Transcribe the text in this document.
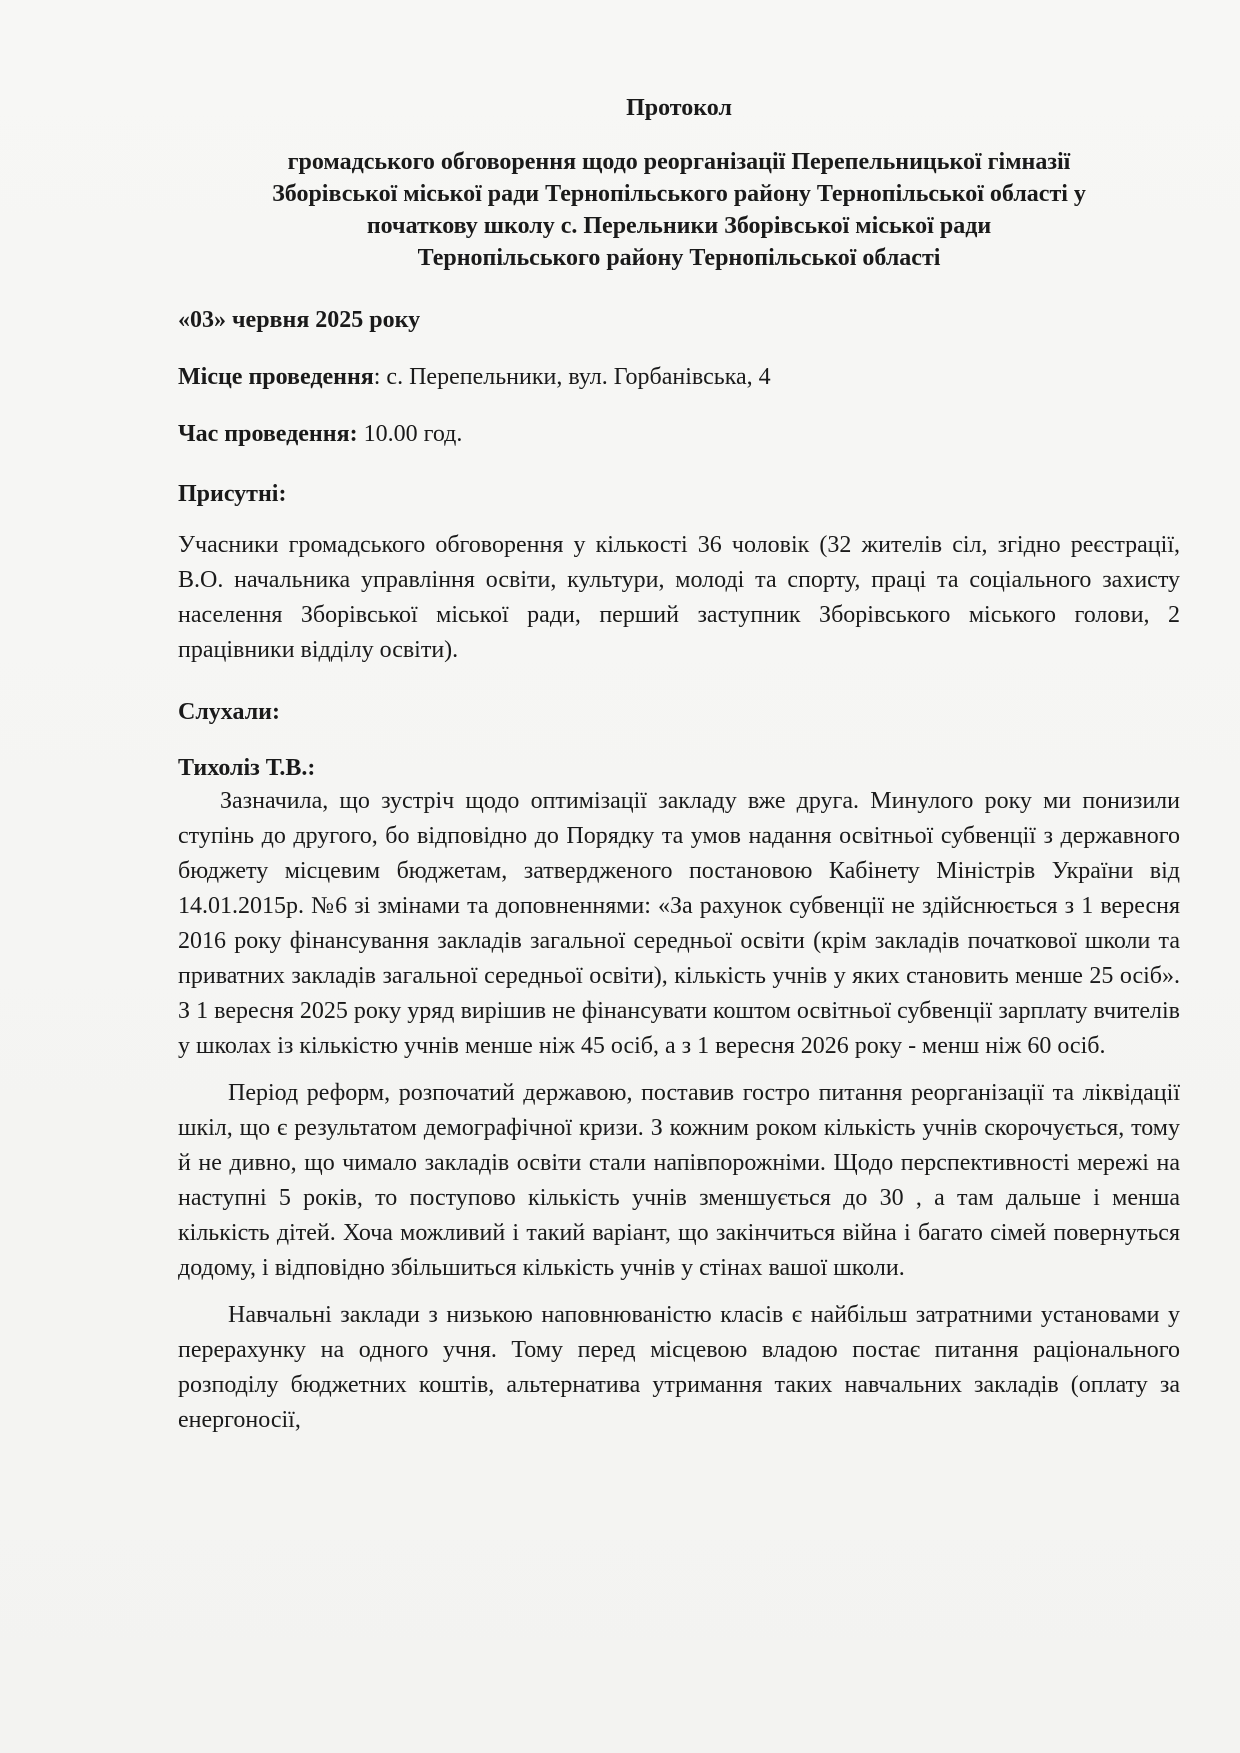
Протокол
громадського обговорення щодо реорганізації Перепельницької гімназії
Зборівської міської ради Тернопільського району Тернопільської області у
початкову школу с. Перельники Зборівської міської ради
Тернопільського району Тернопільської області
«03» червня 2025 року
Місце проведення: с. Перепельники, вул. Горбанівська, 4
Час проведення: 10.00 год.
Присутні:

Учасники громадського обговорення у кількості 36 чоловік (32 жителів сіл, згідно реєстрації, В.О. начальника управління освіти, культури, молоді та спорту, праці та соціального захисту населення Зборівської міської ради, перший заступник Зборівського міського голови, 2 працівники відділу освіти).

Слухали:
Тихоліз Т.В.:

Зазначила, що зустріч щодо оптимізації закладу вже друга. Минулого року ми понизили ступінь до другого, бо відповідно до Порядку та умов надання освітньої субвенції з державного бюджету місцевим бюджетам, затвердженого постановою Кабінету Міністрів України від 14.01.2015р. №6 зі змінами та доповненнями: «За рахунок субвенції не здійснюється з 1 вересня 2016 року фінансування закладів загальної середньої освіти (крім закладів початкової школи та приватних закладів загальної середньої освіти), кількість учнів у яких становить менше 25 осіб». З 1 вересня 2025 року уряд вирішив не фінансувати коштом освітньої субвенції зарплату вчителів у школах із кількістю учнів менше ніж 45 осіб, а з 1 вересня 2026 року - менш ніж 60 осіб.

Період реформ, розпочатий державою, поставив гостро питання реорганізації та ліквідації шкіл, що є результатом демографічної кризи. З кожним роком кількість учнів скорочується, тому й не дивно, що чимало закладів освіти стали напівпорожніми. Щодо перспективності мережі на наступні 5 років, то поступово кількість учнів зменшується до 30 , а там дальше і менша кількість дітей. Хоча можливий і такий варіант, що закінчиться війна і багато сімей повернуться додому, і відповідно збільшиться кількість учнів у стінах вашої школи.

Навчальні заклади з низькою наповнюваністю класів є найбільш затратними установами у перерахунку на одного учня. Тому перед місцевою владою постає питання раціонального розподілу бюджетних коштів, альтернатива утримання таких навчальних закладів (оплату за енергоносії,
